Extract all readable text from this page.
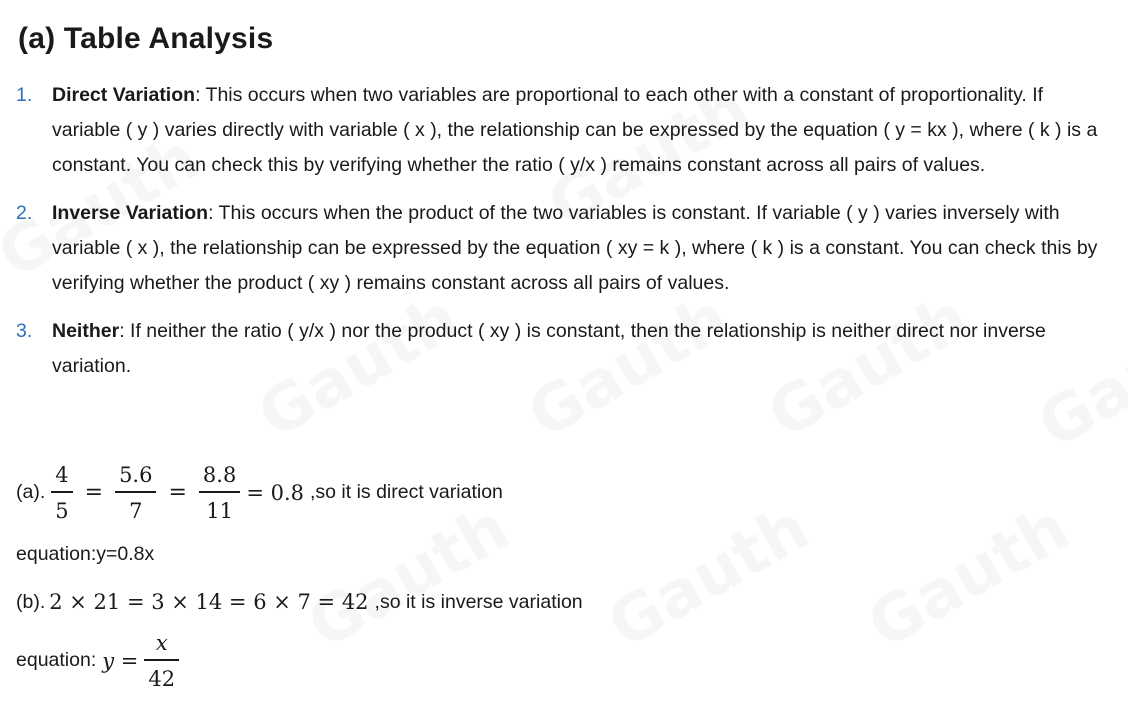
(a) Table Analysis
1. Direct Variation: This occurs when two variables are proportional to each other with a constant of proportionality. If variable ( y ) varies directly with variable ( x ), the relationship can be expressed by the equation ( y = kx ), where ( k ) is a constant. You can check this by verifying whether the ratio ( y/x ) remains constant across all pairs of values.
2. Inverse Variation: This occurs when the product of the two variables is constant. If variable ( y ) varies inversely with variable ( x ), the relationship can be expressed by the equation ( xy = k ), where ( k ) is a constant. You can check this by verifying whether the product ( xy ) remains constant across all pairs of values.
3. Neither: If neither the ratio ( y/x ) nor the product ( xy ) is constant, then the relationship is neither direct nor inverse variation.
(a). $\frac{4}{5} = \frac{5.6}{7} = \frac{8.8}{11} = 0.8$ ,so it is direct variation
equation:y=0.8x
(b). 2 × 21 = 3 × 14 = 6 × 7 = 42 ,so it is inverse variation
equation: $y = \frac{x}{42}$
